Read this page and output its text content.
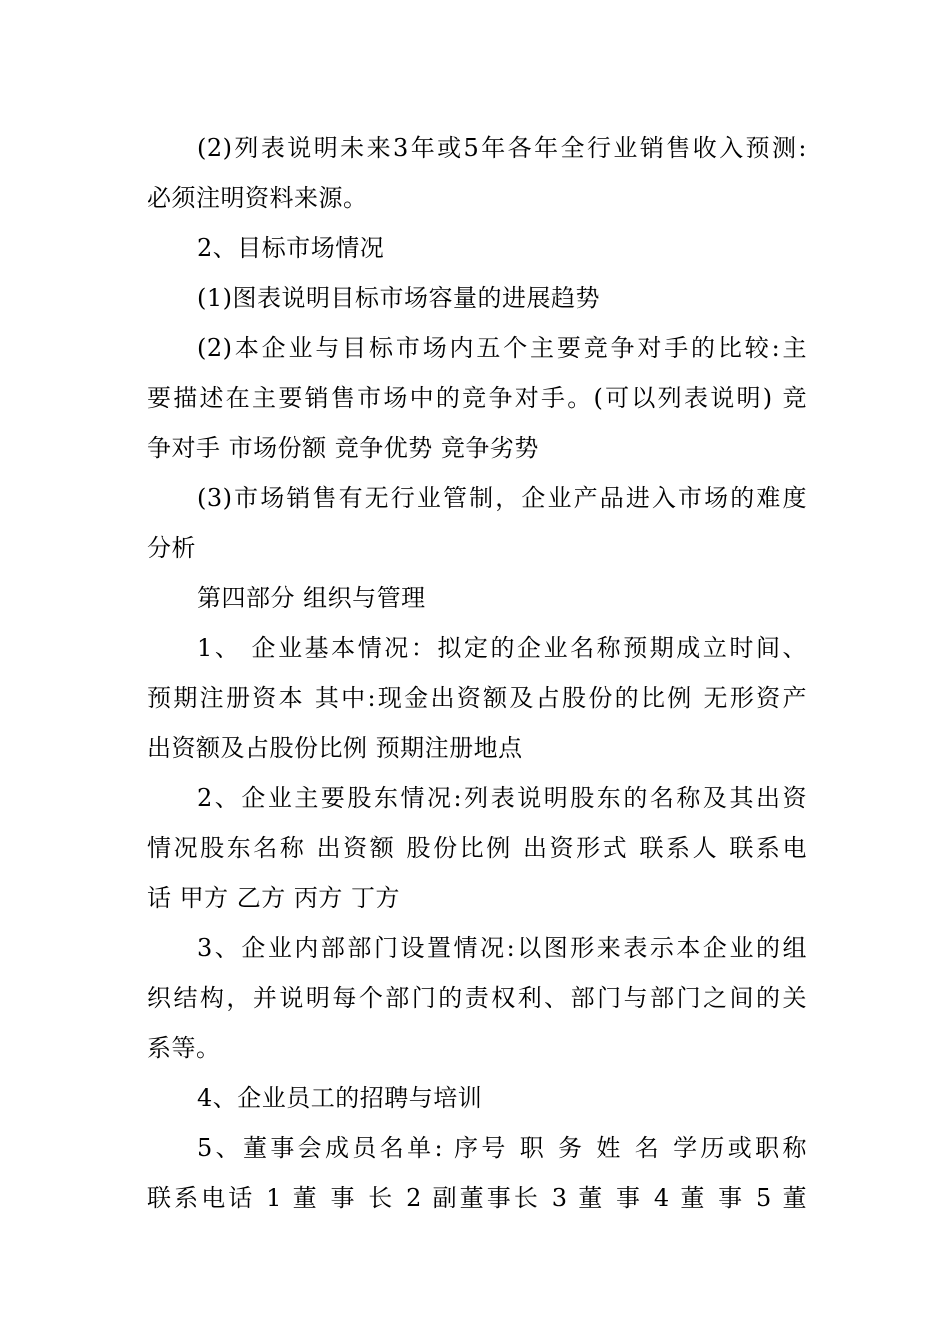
(2)列表说明未来3年或5年各年全行业销售收入预测:
必须注明资料来源。
2、目标市场情况
(1)图表说明目标市场容量的进展趋势
(2)本企业与目标市场内五个主要竞争对手的比较:主
要描述在主要销售市场中的竞争对手。(可以列表说明) 竞
争对手 市场份额 竞争优势 竞争劣势
(3)市场销售有无行业管制，企业产品进入市场的难度
分析
第四部分 组织与管理
1、 企业基本情况：拟定的企业名称预期成立时间、
预期注册资本 其中:现金出资额及占股份的比例 无形资产
出资额及占股份比例 预期注册地点
2、企业主要股东情况:列表说明股东的名称及其出资
情况股东名称 出资额 股份比例 出资形式 联系人 联系电
话 甲方 乙方 丙方 丁方
3、企业内部部门设置情况:以图形来表示本企业的组
织结构，并说明每个部门的责权利、部门与部门之间的关
系等。
4、企业员工的招聘与培训
5、董事会成员名单: 序号 职 务 姓 名 学历或职称
联系电话 1 董 事 长 2 副董事长 3 董 事 4 董 事 5 董
